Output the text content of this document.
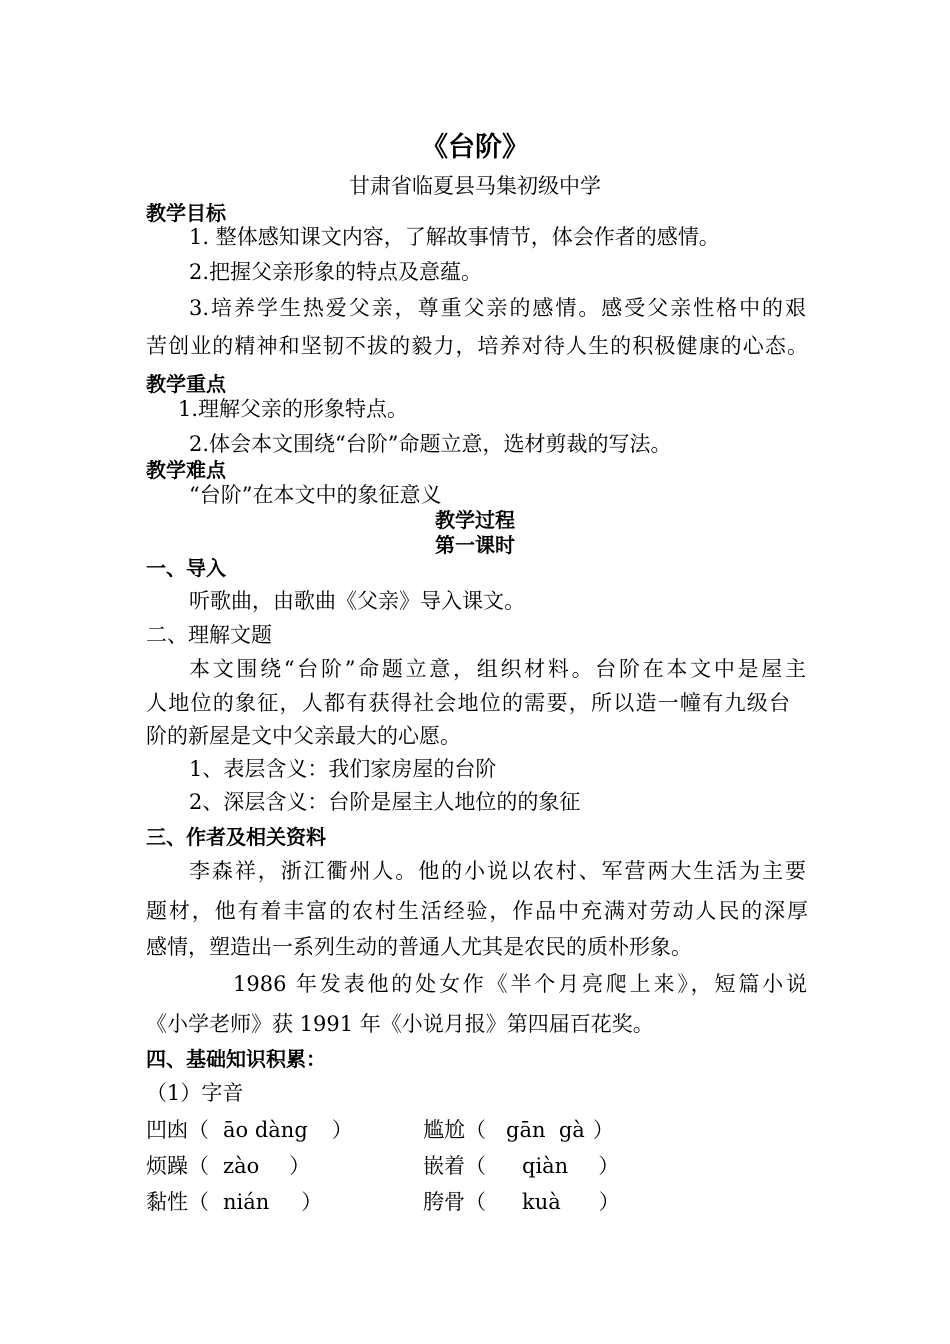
《台阶》
甘肃省临夏县马集初级中学
教学目标
1. 整体感知课文内容，了解故事情节，体会作者的感情。
2.把握父亲形象的特点及意蕴。
3.培养学生热爱父亲，尊重父亲的感情。感受父亲性格中的艰
苦创业的精神和坚韧不拔的毅力，培养对待人生的积极健康的心态。
教学重点
1.理解父亲的形象特点。
2.体会本文围绕“台阶”命题立意，选材剪裁的写法。
教学难点
“台阶”在本文中的象征意义
教学过程
第一课时
一、导入
听歌曲，由歌曲《父亲》导入课文。
二、理解文题
本文围绕“台阶”命题立意，组织材料。台阶在本文中是屋主
人地位的象征，人都有获得社会地位的需要，所以造一幢有九级台
阶的新屋是文中父亲最大的心愿。
1、表层含义：我们家房屋的台阶
2、深层含义：台阶是屋主人地位的的象征
三、作者及相关资料
李森祥，浙江衢州人。他的小说以农村、军营两大生活为主要
题材，他有着丰富的农村生活经验，作品中充满对劳动人民的深厚
感情，塑造出一系列生动的普通人尤其是农民的质朴形象。
1986 年发表他的处女作《半个月亮爬上来》，短篇小说
《小学老师》获 1991 年《小说月报》第四届百花奖。
四、基础知识积累：
（1）字音
凹凼（ āo dàng ）	尴尬（ gān  gà ）
烦躁（ zào ）	嵌着（ qiàn ）
黏性（ nián ）	胯骨（ kuà ）
